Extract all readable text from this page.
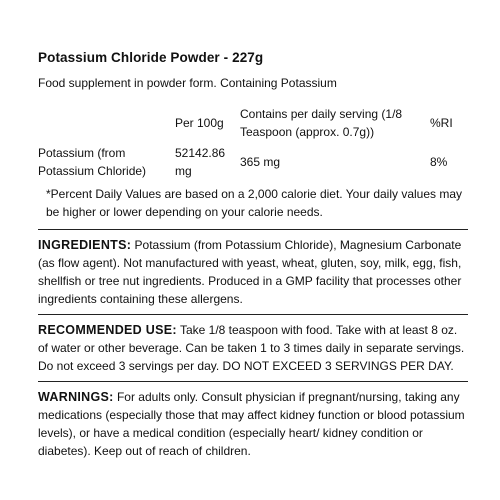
Potassium Chloride Powder - 227g
Food supplement in powder form. Containing Potassium
	Per 100g	Contains per daily serving (1/8 Teaspoon (approx. 0.7g))	%RI
Potassium (from Potassium Chloride)	52142.86 mg	365 mg	8%
*Percent Daily Values are based on a 2,000 calorie diet. Your daily values may be higher or lower depending on your calorie needs.
INGREDIENTS: Potassium (from Potassium Chloride), Magnesium Carbonate (as flow agent). Not manufactured with yeast, wheat, gluten, soy, milk, egg, fish, shellfish or tree nut ingredients. Produced in a GMP facility that processes other ingredients containing these allergens.
RECOMMENDED USE: Take 1/8 teaspoon with food. Take with at least 8 oz. of water or other beverage. Can be taken 1 to 3 times daily in separate servings. Do not exceed 3 servings per day. DO NOT EXCEED 3 SERVINGS PER DAY.
WARNINGS: For adults only. Consult physician if pregnant/nursing, taking any medications (especially those that may affect kidney function or blood potassium levels), or have a medical condition (especially heart/ kidney condition or diabetes). Keep out of reach of children.
